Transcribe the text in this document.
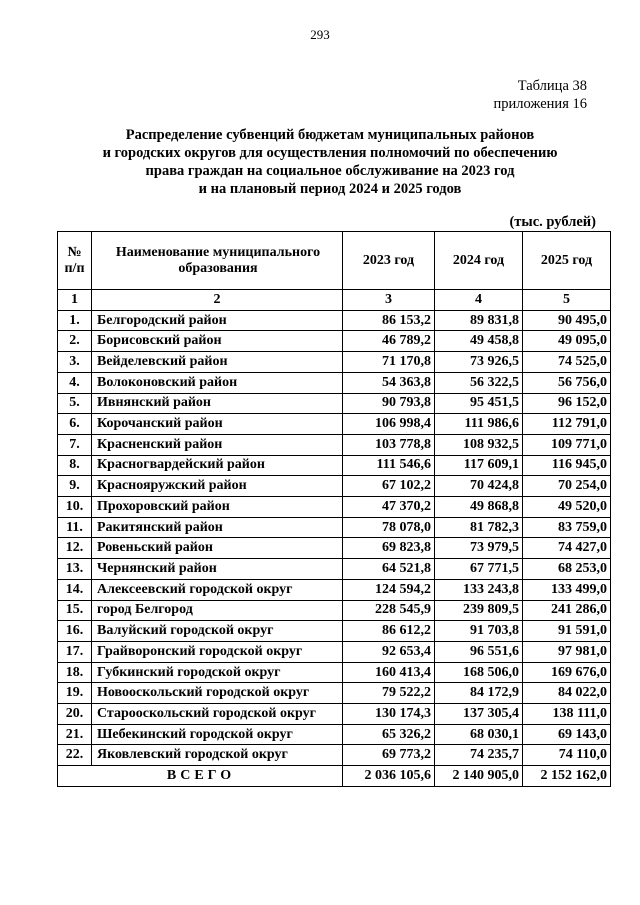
293
Таблица 38
приложения 16
Распределение субвенций бюджетам муниципальных районов
и городских округов для осуществления полномочий по обеспечению
права граждан на социальное обслуживание на 2023 год
и на плановый период 2024 и 2025 годов
(тыс. рублей)
№ п/п	Наименование муниципального образования	2023 год	2024 год	2025 год
1	2	3	4	5
1.	Белгородский район	86 153,2	89 831,8	90 495,0
2.	Борисовский район	46 789,2	49 458,8	49 095,0
3.	Вейделевский район	71 170,8	73 926,5	74 525,0
4.	Волоконовский район	54 363,8	56 322,5	56 756,0
5.	Ивнянский район	90 793,8	95 451,5	96 152,0
6.	Корочанский район	106 998,4	111 986,6	112 791,0
7.	Красненский район	103 778,8	108 932,5	109 771,0
8.	Красногвардейский район	111 546,6	117 609,1	116 945,0
9.	Краснояружский район	67 102,2	70 424,8	70 254,0
10.	Прохоровский район	47 370,2	49 868,8	49 520,0
11.	Ракитянский район	78 078,0	81 782,3	83 759,0
12.	Ровеньский район	69 823,8	73 979,5	74 427,0
13.	Чернянский район	64 521,8	67 771,5	68 253,0
14.	Алексеевский городской округ	124 594,2	133 243,8	133 499,0
15.	город Белгород	228 545,9	239 809,5	241 286,0
16.	Валуйский городской округ	86 612,2	91 703,8	91 591,0
17.	Грайворонский городской округ	92 653,4	96 551,6	97 981,0
18.	Губкинский городской округ	160 413,4	168 506,0	169 676,0
19.	Новооскольский городской округ	79 522,2	84 172,9	84 022,0
20.	Старооскольский городской округ	130 174,3	137 305,4	138 111,0
21.	Шебекинский городской округ	65 326,2	68 030,1	69 143,0
22.	Яковлевский городской округ	69 773,2	74 235,7	74 110,0
ВСЕГО		2 036 105,6	2 140 905,0	2 152 162,0
